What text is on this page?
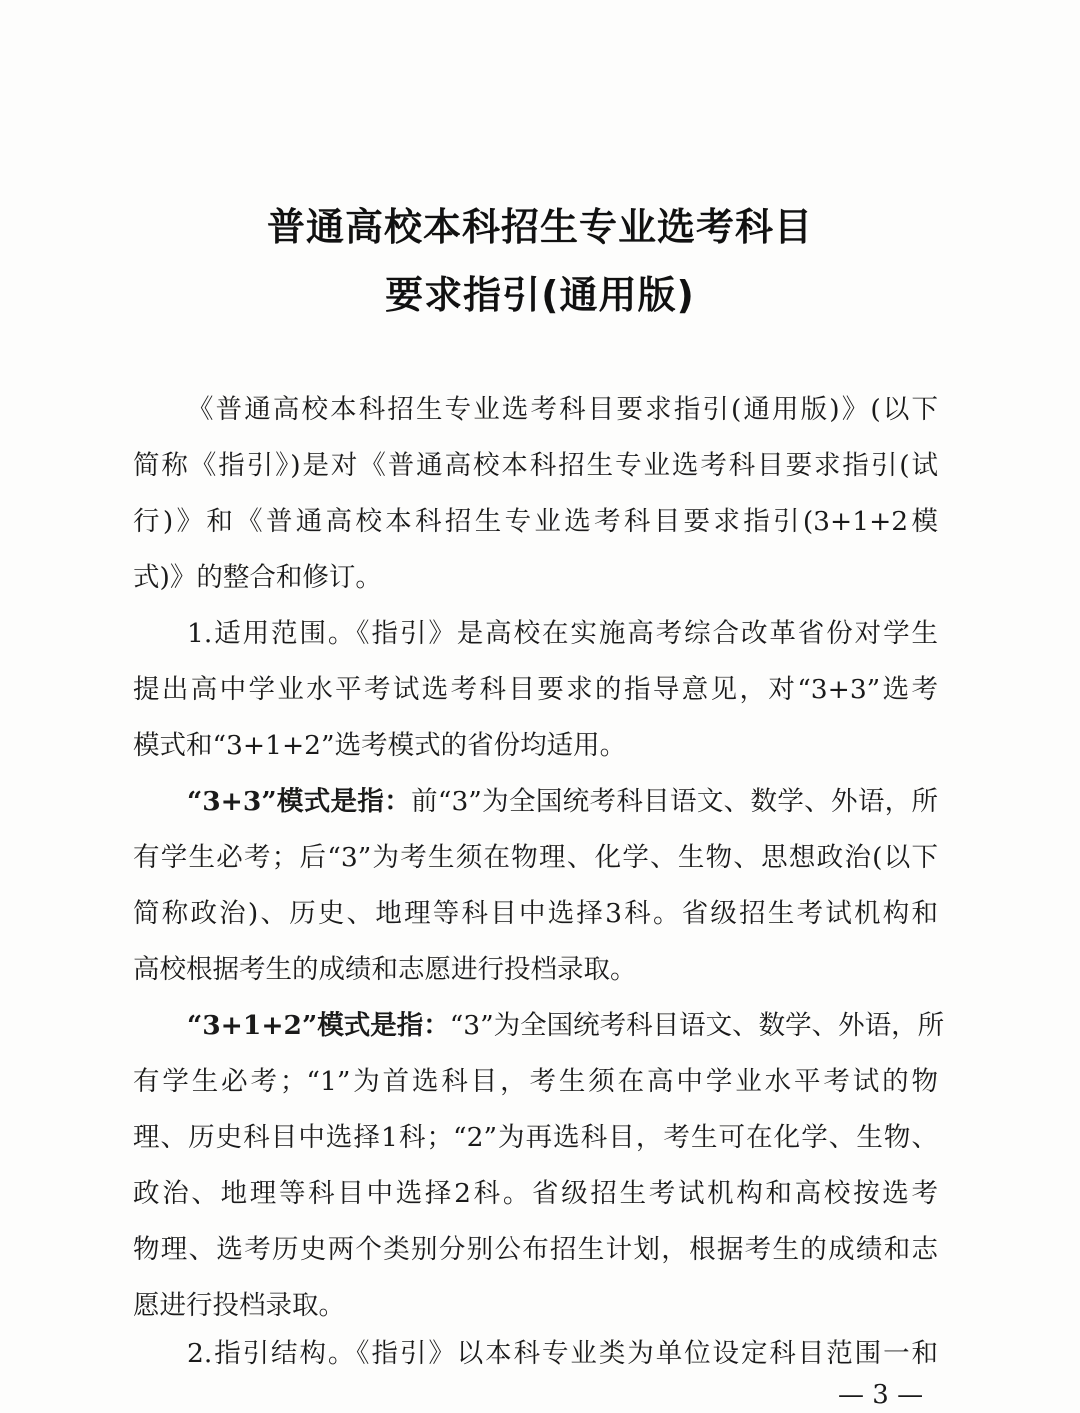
普通高校本科招生专业选考科目
要求指引(通用版)
《普通高校本科招生专业选考科目要求指引(通用版)》(以下
简称《指引》)是对《普通高校本科招生专业选考科目要求指引(试
行)》和《普通高校本科招生专业选考科目要求指引(3+1+2模
式)》的整合和修订。
1.适用范围。《指引》是高校在实施高考综合改革省份对学生
提出高中学业水平考试选考科目要求的指导意见，对“3+3”选考
模式和“3+1+2”选考模式的省份均适用。
“3+3”模式是指：前“3”为全国统考科目语文、数学、外语，所
有学生必考；后“3”为考生须在物理、化学、生物、思想政治(以下
简称政治)、历史、地理等科目中选择3科。省级招生考试机构和
高校根据考生的成绩和志愿进行投档录取。
“3+1+2”模式是指：“3”为全国统考科目语文、数学、外语，所
有学生必考；“1”为首选科目，考生须在高中学业水平考试的物
理、历史科目中选择1科；“2”为再选科目，考生可在化学、生物、
政治、地理等科目中选择2科。省级招生考试机构和高校按选考
物理、选考历史两个类别分别公布招生计划，根据考生的成绩和志
愿进行投档录取。
2.指引结构。《指引》以本科专业类为单位设定科目范围一和
— 3 —
